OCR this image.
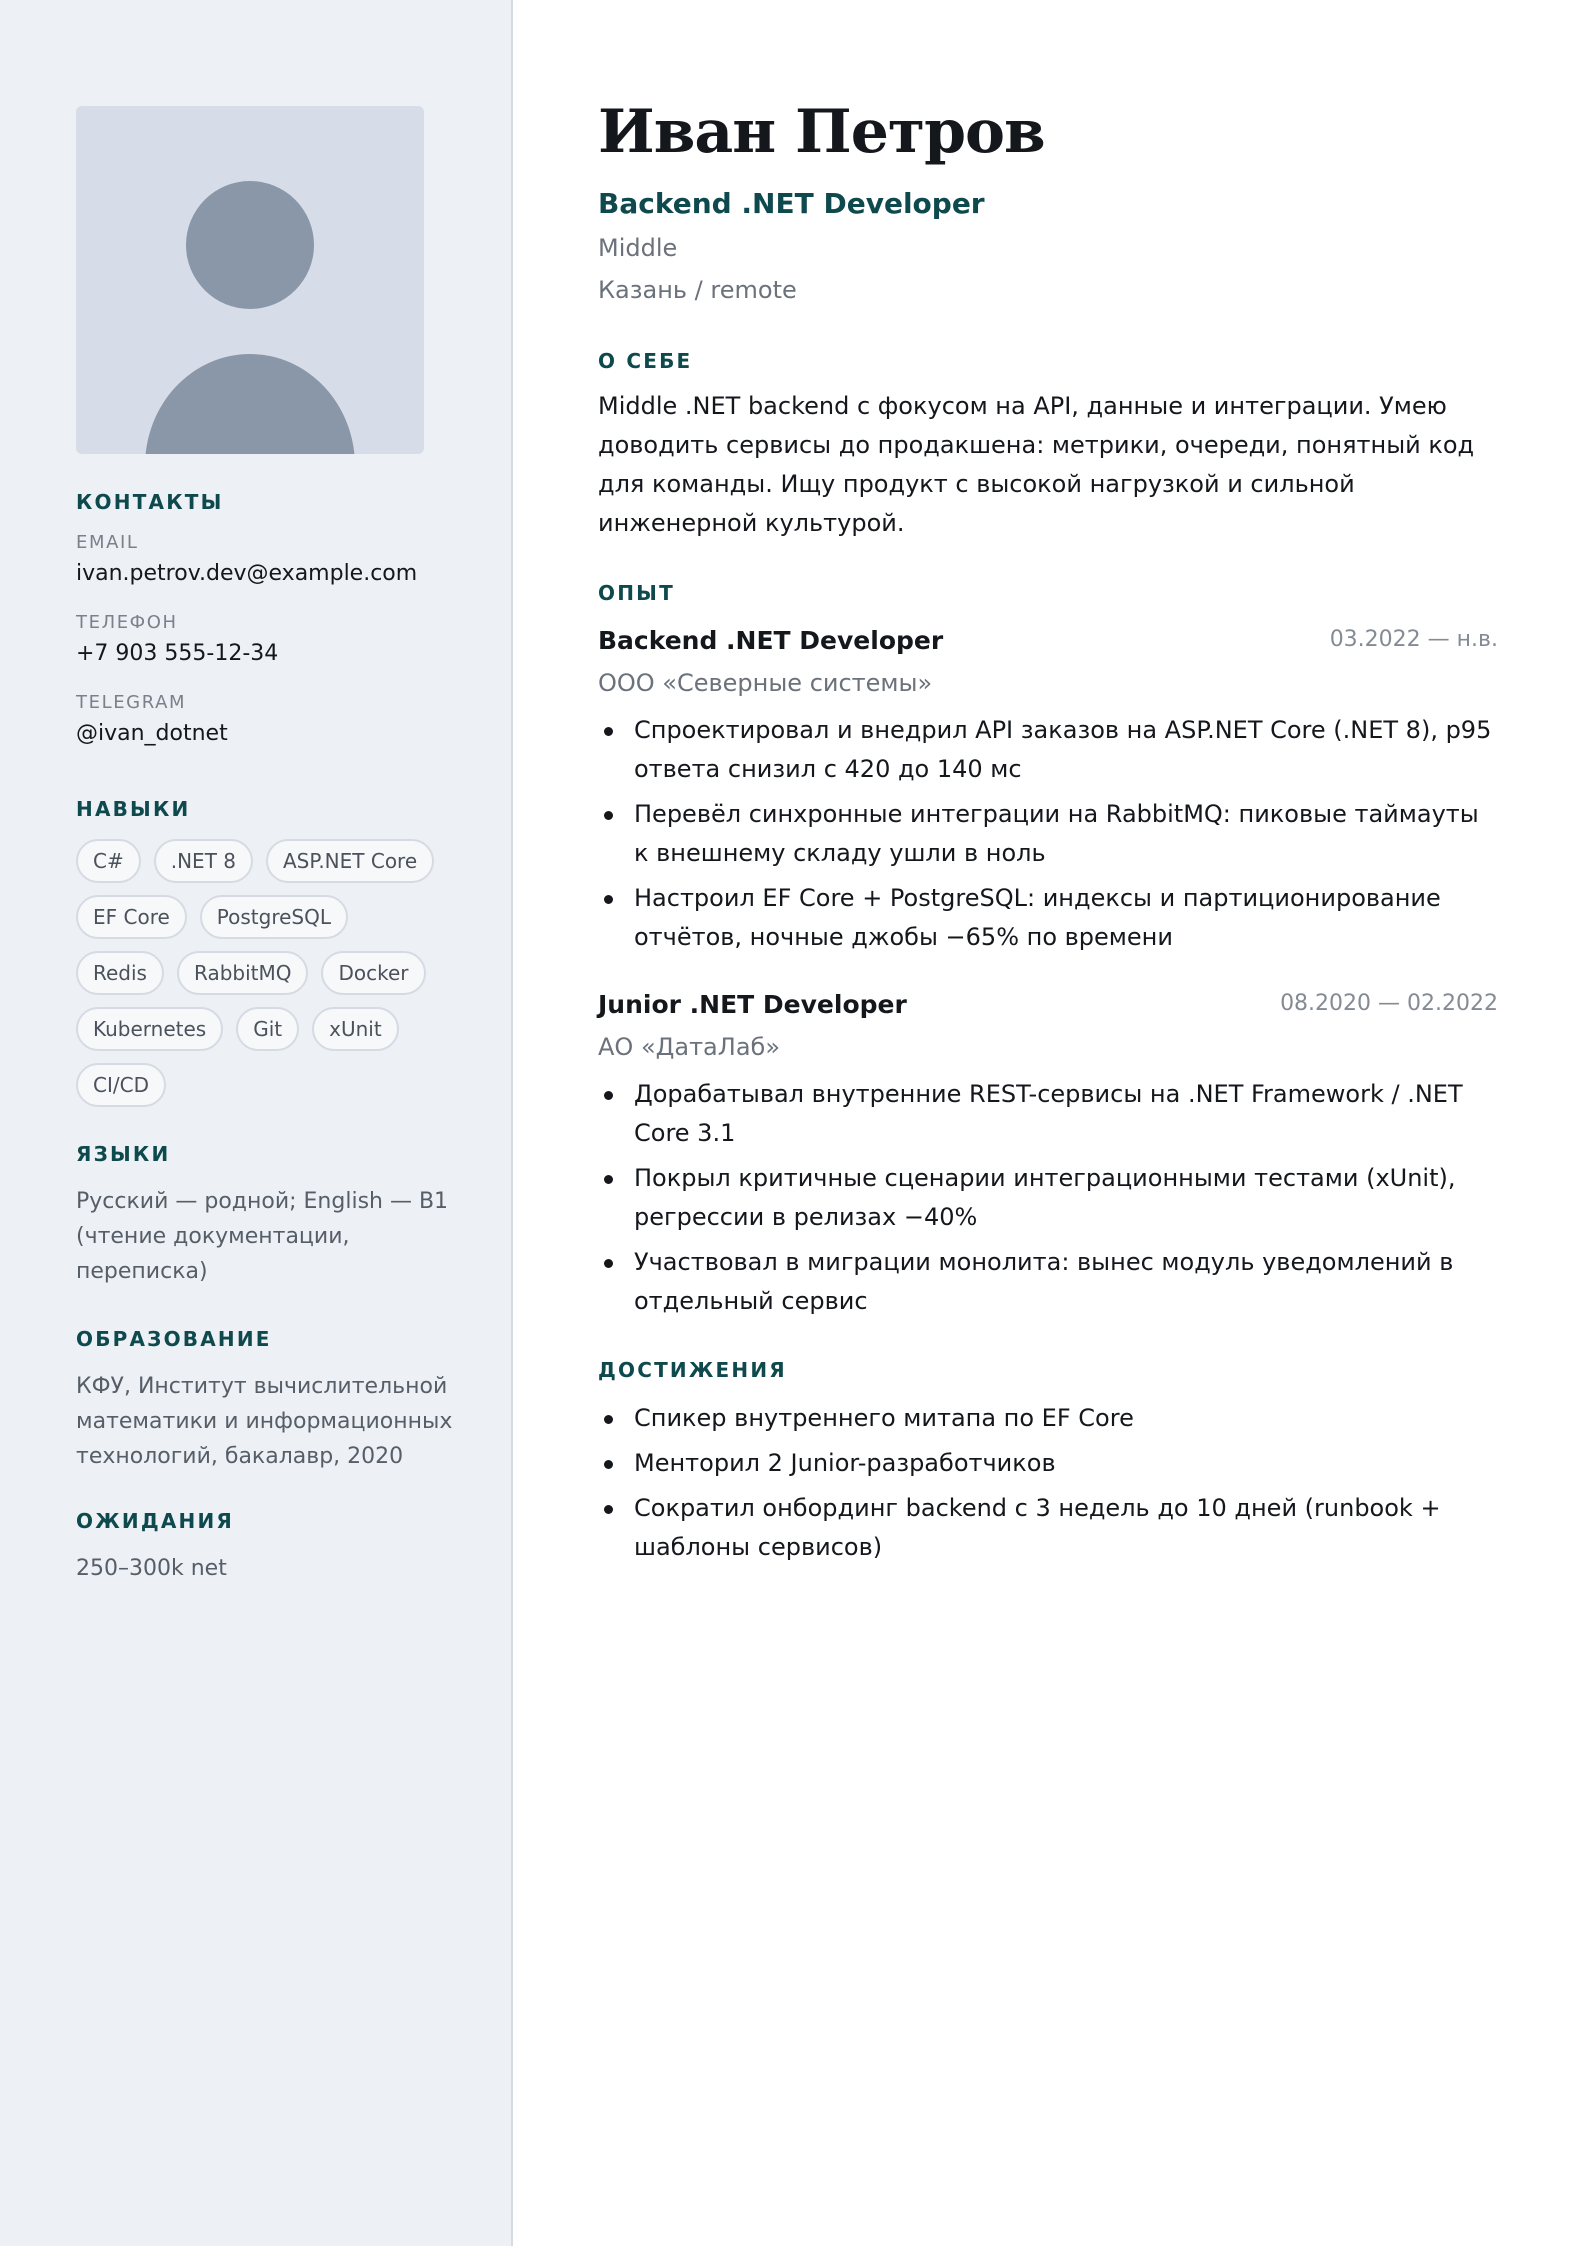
КОНТАКТЫ
EMAIL
ivan.petrov.dev@example.com
ТЕЛЕФОН
+7 903 555-12-34
TELEGRAM
@ivan_dotnet
НАВЫКИ
C#	.NET 8	ASP.NET Core
EF Core	PostgreSQL
Redis	RabbitMQ	Docker
Kubernetes	Git	xUnit
CI/CD
ЯЗЫКИ
Русский — родной; English — B1 (чтение документации, переписка)
ОБРАЗОВАНИЕ
КФУ, Институт вычислительной математики и информационных технологий, бакалавр, 2020
ОЖИДАНИЯ
250–300k net
Иван Петров
Backend .NET Developer
Middle
Казань / remote
О СЕБЕ

Middle .NET backend с фокусом на API, данные и интеграции. Умею доводить сервисы до продакшена: метрики, очереди, понятный код для команды. Ищу продукт с высокой нагрузкой и сильной инженерной культурой.

ОПЫТ
Backend .NET Developer	03.2022 — н.в.
ООО «Северные системы»
Спроектировал и внедрил API заказов на ASP.NET Core (.NET 8), p95 ответа снизил с 420 до 140 мс
Перевёл синхронные интеграции на RabbitMQ: пиковые таймауты к внешнему складу ушли в ноль
Настроил EF Core + PostgreSQL: индексы и партиционирование отчётов, ночные джобы −65% по времени
Junior .NET Developer	08.2020 — 02.2022
АО «ДатаЛаб»
Дорабатывал внутренние REST-сервисы на .NET Framework / .NET Core 3.1
Покрыл критичные сценарии интеграционными тестами (xUnit), регрессии в релизах −40%
Участвовал в миграции монолита: вынес модуль уведомлений в отдельный сервис
ДОСТИЖЕНИЯ
Спикер внутреннего митапа по EF Core
Менторил 2 Junior-разработчиков
Сократил онбординг backend с 3 недель до 10 дней (runbook + шаблоны сервисов)
